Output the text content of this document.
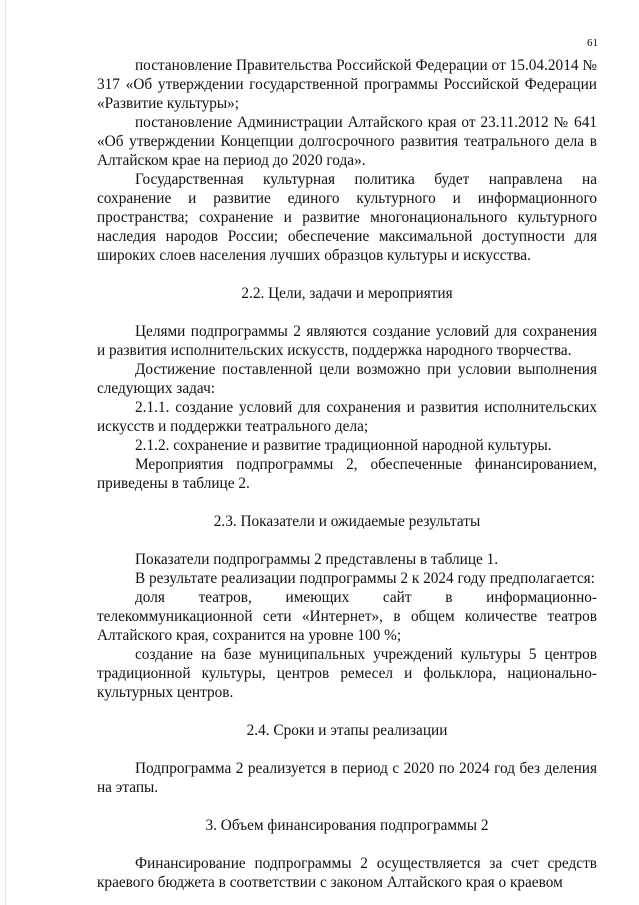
61

постановление Правительства Российской Федерации от 15.04.2014 № 317 «Об утверждении государственной программы Российской Федерации «Развитие культуры»;

постановление Администрации Алтайского края от 23.11.2012 № 641 «Об утверждении Концепции долгосрочного развития театрального дела в Алтайском крае на период до 2020 года».

Государственная культурная политика будет направлена на сохранение и развитие единого культурного и информационного пространства; сохранение и развитие многонационального культурного наследия народов России; обеспечение максимальной доступности для широких слоев населения лучших образцов культуры и искусства.

2.2. Цели, задачи и мероприятия

Целями подпрограммы 2 являются создание условий для сохранения и развития исполнительских искусств, поддержка народного творчества.

Достижение поставленной цели возможно при условии выполнения следующих задач:

2.1.1. создание условий для сохранения и развития исполнительских искусств и поддержки театрального дела;

2.1.2. сохранение и развитие традиционной народной культуры.

Мероприятия подпрограммы 2, обеспеченные финансированием, приведены в таблице 2.

2.3. Показатели и ожидаемые результаты

Показатели подпрограммы 2 представлены в таблице 1.

В результате реализации подпрограммы 2 к 2024 году предполагается:

доля театров, имеющих сайт в информационно-телекоммуникационной сети «Интернет», в общем количестве театров Алтайского края, сохранится на уровне 100 %;

создание на базе муниципальных учреждений культуры 5 центров традиционной культуры, центров ремесел и фольклора, национально-культурных центров.

2.4. Сроки и этапы реализации

Подпрограмма 2 реализуется в период с 2020 по 2024 год без деления на этапы.

3. Объем финансирования подпрограммы 2

Финансирование подпрограммы 2 осуществляется за счет средств краевого бюджета в соответствии с законом Алтайского края о краевом
